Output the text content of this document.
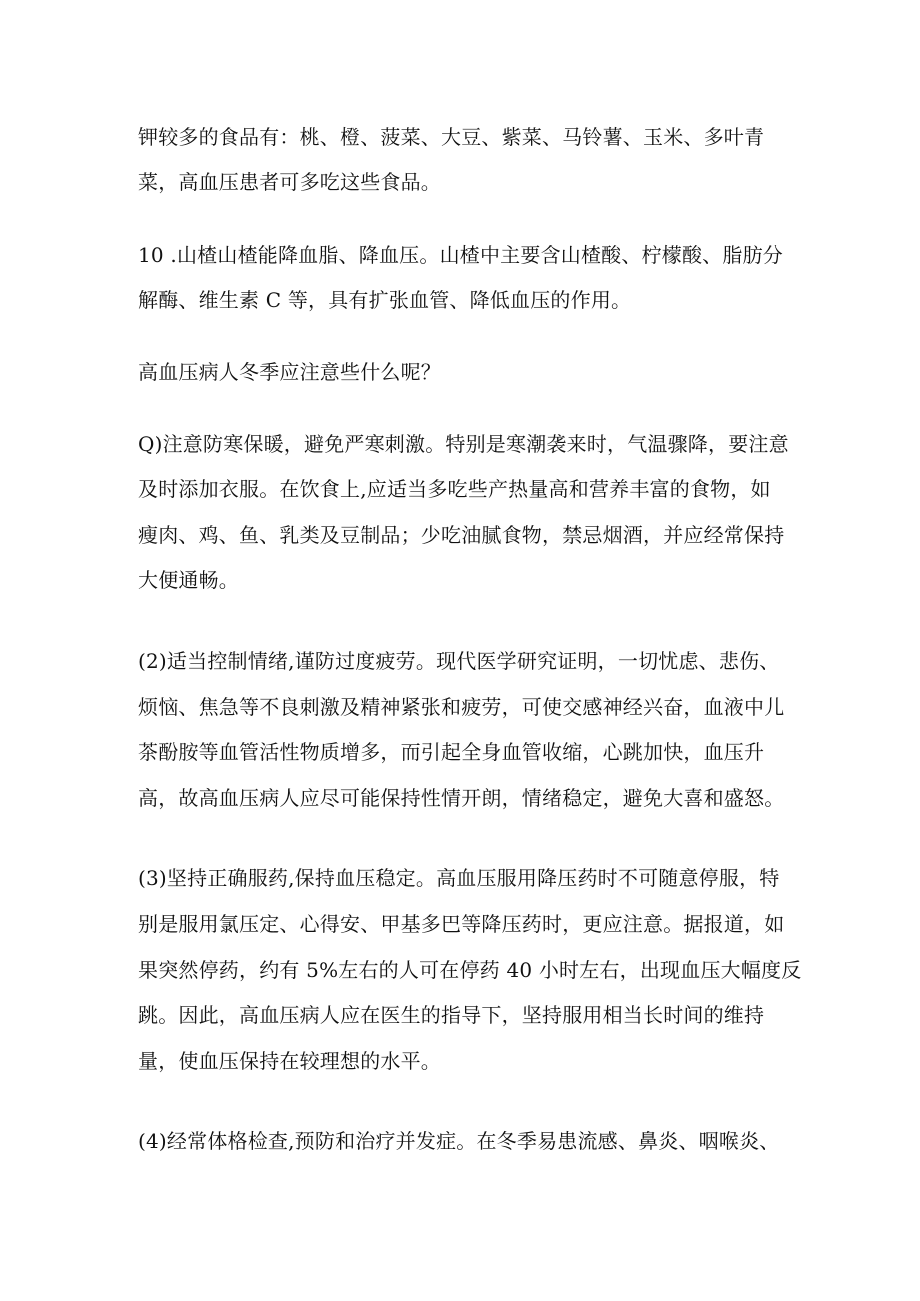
钾较多的食品有：桃、橙、菠菜、大豆、紫菜、马铃薯、玉米、多叶青
菜，高血压患者可多吃这些食品。
10 .山楂山楂能降血脂、降血压。山楂中主要含山楂酸、柠檬酸、脂肪分
解酶、维生素 C 等，具有扩张血管、降低血压的作用。
高血压病人冬季应注意些什么呢？
Q)注意防寒保暖，避免严寒刺激。特别是寒潮袭来时，气温骤降，要注意
及时添加衣服。在饮食上,应适当多吃些产热量高和营养丰富的食物，如
瘦肉、鸡、鱼、乳类及豆制品；少吃油腻食物，禁忌烟酒，并应经常保持
大便通畅。
(2)适当控制情绪,谨防过度疲劳。现代医学研究证明，一切忧虑、悲伤、
烦恼、焦急等不良刺激及精神紧张和疲劳，可使交感神经兴奋，血液中儿
茶酚胺等血管活性物质增多，而引起全身血管收缩，心跳加快，血压升
高，故高血压病人应尽可能保持性情开朗，情绪稳定，避免大喜和盛怒。
(3)坚持正确服药,保持血压稳定。高血压服用降压药时不可随意停服，特
别是服用氯压定、心得安、甲基多巴等降压药时，更应注意。据报道，如
果突然停药，约有 5%左右的人可在停药 40 小时左右，出现血压大幅度反
跳。因此，高血压病人应在医生的指导下，坚持服用相当长时间的维持
量，使血压保持在较理想的水平。
(4)经常体格检查,预防和治疗并发症。在冬季易患流感、鼻炎、咽喉炎、
